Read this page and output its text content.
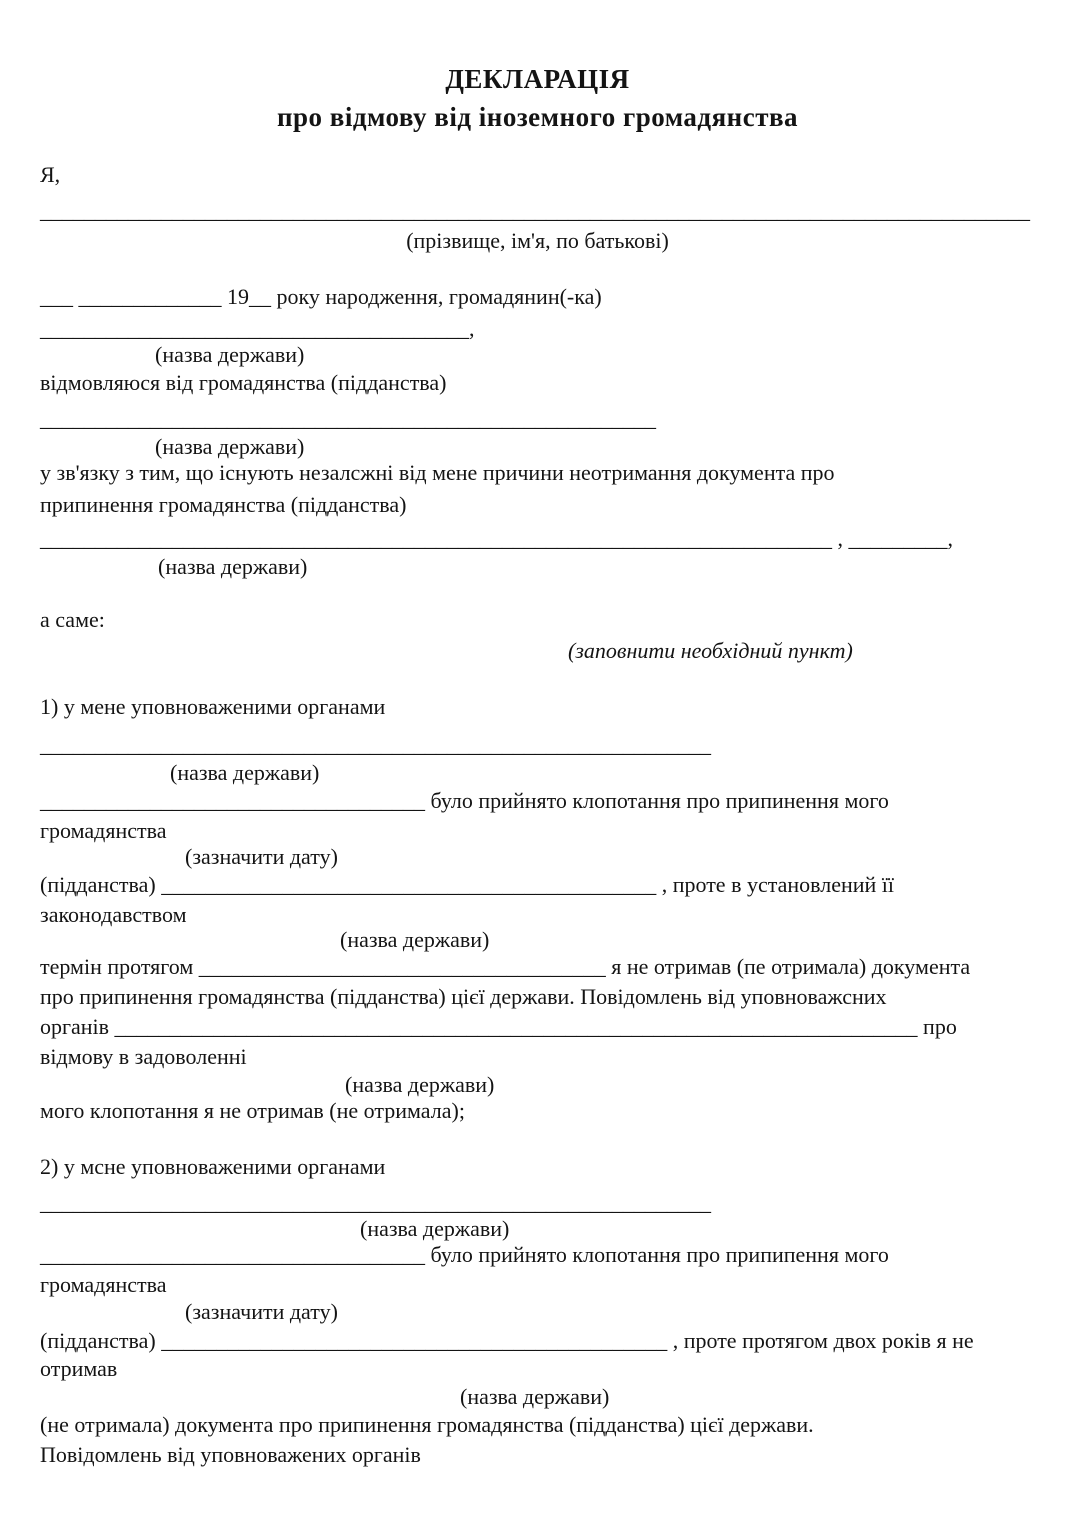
ДЕКЛАРАЦІЯ
про відмову від іноземного громадянства
Я,
__________________________________________________________________________________________
(прізвище, ім'я, по батькові)
___ _____________ 19__ року народження, громадянин(-ка)
_______________________________________,
(назва держави)
відмовляюся від громадянства (підданства)
________________________________________________________
(назва держави)
у зв'язку з тим, що існують незалсжні від мене причини неотримання документа про
припинення громадянства (підданства)
________________________________________________________________________ , _________,
(назва держави)
а саме:
(заповнити необхідний пункт)
1) у мене уповноваженими органами
_____________________________________________________________
(назва держави)
___________________________________ було прийнято клопотання про припинення мого
громадянства
(зазначити дату)
(підданства) _____________________________________________ , проте в установлений її
законодавством
(назва держави)
термін протягом _____________________________________ я не отримав (пе отримала) документа
про припинення громадянства (підданства) цієї держави. Повідомлень від уповноважсних
органів _________________________________________________________________________ про
відмову в задоволенні
(назва держави)
мого клопотання я не отримав (не отримала);
2) у мсне уповноваженими органами
_____________________________________________________________
(назва держави)
___________________________________ було прийнято клопотання про припипення мого
громадянства
(зазначити дату)
(підданства) ______________________________________________ , проте протягом двох років я не
отримав
(назва держави)
(не отримала) документа про припинення громадянства (підданства) цієї держави.
Повідомлень від уповноважених органів
